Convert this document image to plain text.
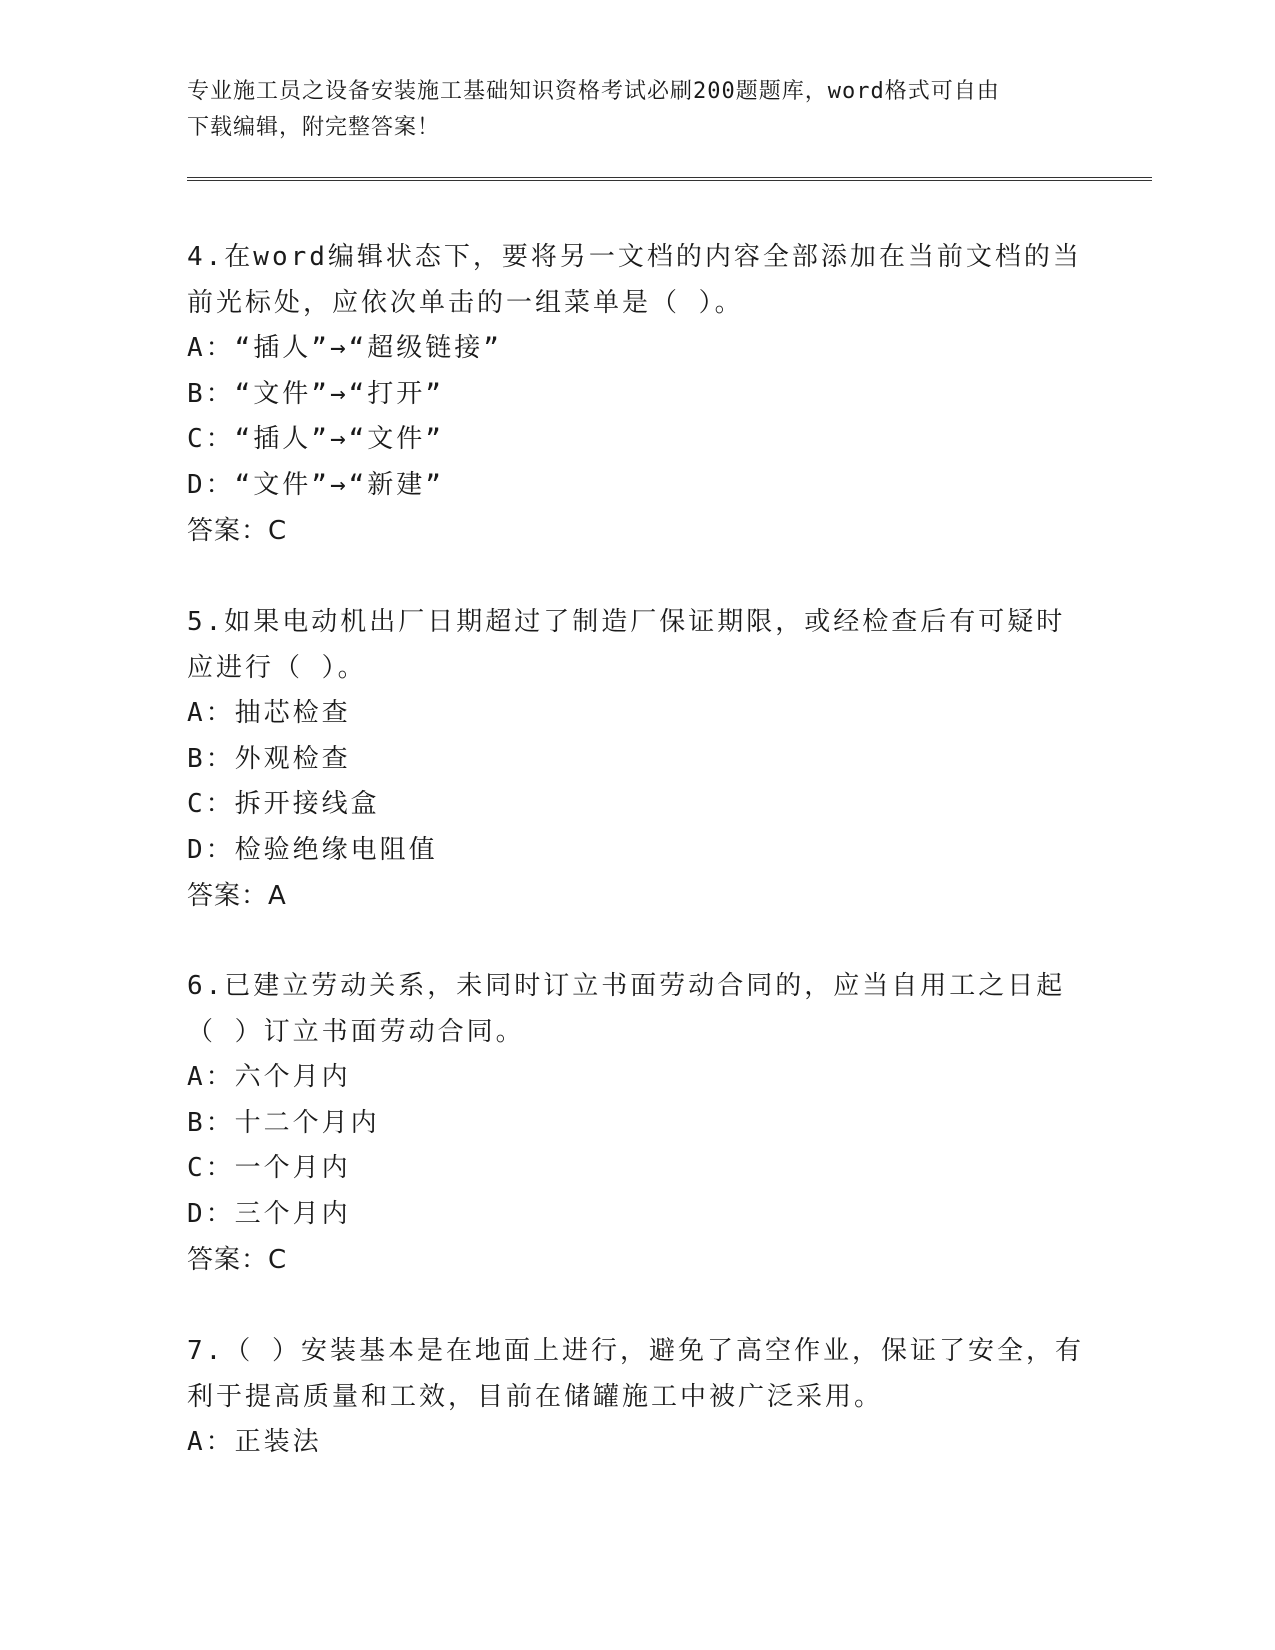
专业施工员之设备安装施工基础知识资格考试必刷200题题库，word格式可自由
下载编辑，附完整答案！
4.在word编辑状态下，要将另一文档的内容全部添加在当前文档的当
前光标处，应依次单击的一组菜单是（ ）。
A：“插人”→“超级链接”
B：“文件”→“打开”
C：“插人”→“文件”
D：“文件”→“新建”
答案：C
5.如果电动机出厂日期超过了制造厂保证期限，或经检查后有可疑时
应进行（ ）。
A：抽芯检查
B：外观检查
C：拆开接线盒
D：检验绝缘电阻值
答案：A
6.已建立劳动关系，未同时订立书面劳动合同的，应当自用工之日起
（ ）订立书面劳动合同。
A：六个月内
B：十二个月内
C：一个月内
D：三个月内
答案：C
7.（ ）安装基本是在地面上进行，避免了高空作业，保证了安全，有
利于提高质量和工效，目前在储罐施工中被广泛采用。
A：正装法
